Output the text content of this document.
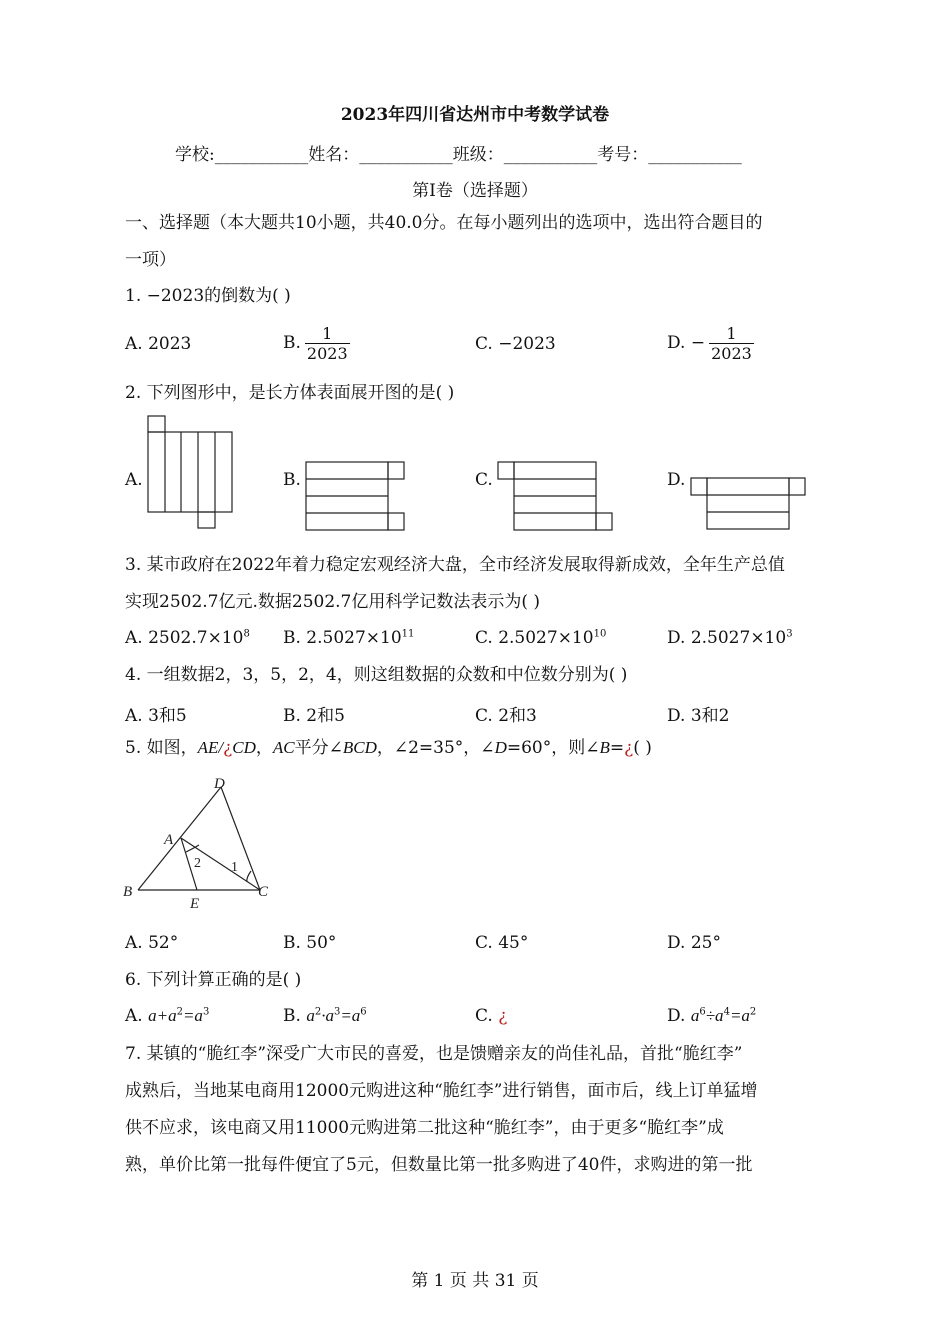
2023年四川省达州市中考数学试卷
学校:___________姓名：___________班级：___________考号：___________
第Ⅰ卷（选择题）
一、选择题（本大题共10小题，共40.0分。在每小题列出的选项中，选出符合题目的
一项）
1. −2023的倒数为( )
A. 2023	B. $\frac{1}{2023}$	C. −2023	D. − $\frac{1}{2023}$
2. 下列图形中，是长方体表面展开图的是( )
A.	B.	C.	D.
3. 某市政府在2022年着力稳定宏观经济大盘，全市经济发展取得新成效，全年生产总值
实现2502.7亿元.数据2502.7亿用科学记数法表示为( )
A. $2502.7\times 10^8$ B. $2.5027\times 10^{11}$	C. $2.5027\times 10^{10}$	D. $2.5027\times 10^3$
4. 一组数据2，3，5，2，4，则这组数据的众数和中位数分别为( )
A. 3和5	B. 2和5	C. 2和3	D. 3和2
5. 如图，AE/¿CD，AC平分∠BCD，∠2=35°，∠D=60°，则∠B=¿( )
D
A
B
E
C
2 1
A. 52°	B. 50°	C. 45°	D. 25°
6. 下列计算正确的是( )
A. $a+a^2=a^3$	B. $a^2\cdot a^3=a^6$	C. ¿	D. $a^6\div a^4=a^2$
7. 某镇的“脆红李”深受广大市民的喜爱，也是馈赠亲友的尚佳礼品，首批“脆红李”
成熟后，当地某电商用12000元购进这种“脆红李”进行销售，面市后，线上订单猛增
供不应求，该电商又用11000元购进第二批这种“脆红李”，由于更多“脆红李”成
熟，单价比第一批每件便宜了5元，但数量比第一批多购进了40件，求购进的第一批
第 1 页 共 31 页
